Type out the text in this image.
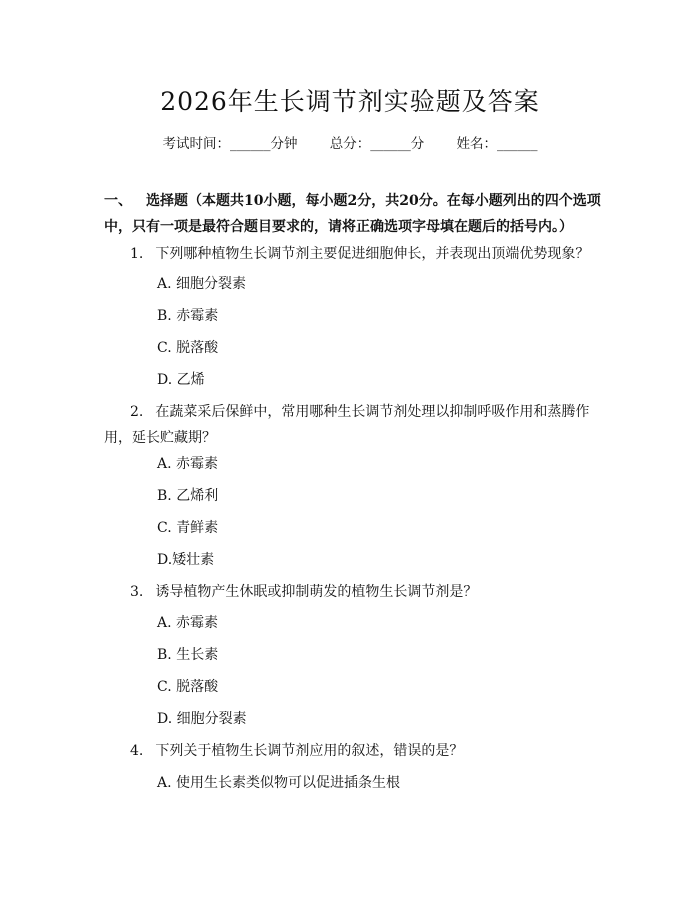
2026年生长调节剂实验题及答案
考试时间：______分钟 总分：______分 姓名：______
一、 选择题（本题共10小题，每小题2分，共20分。在每小题列出的四个选项中，只有一项是最符合题目要求的，请将正确选项字母填在题后的括号内。）
1. 下列哪种植物生长调节剂主要促进细胞伸长，并表现出顶端优势现象？
A. 细胞分裂素
B. 赤霉素
C. 脱落酸
D. 乙烯
2. 在蔬菜采后保鲜中，常用哪种生长调节剂处理以抑制呼吸作用和蒸腾作用，延长贮藏期？
A. 赤霉素
B. 乙烯利
C. 青鲜素
D.矮壮素
3. 诱导植物产生休眠或抑制萌发的植物生长调节剂是？
A. 赤霉素
B. 生长素
C. 脱落酸
D. 细胞分裂素
4. 下列关于植物生长调节剂应用的叙述，错误的是？
A. 使用生长素类似物可以促进插条生根
